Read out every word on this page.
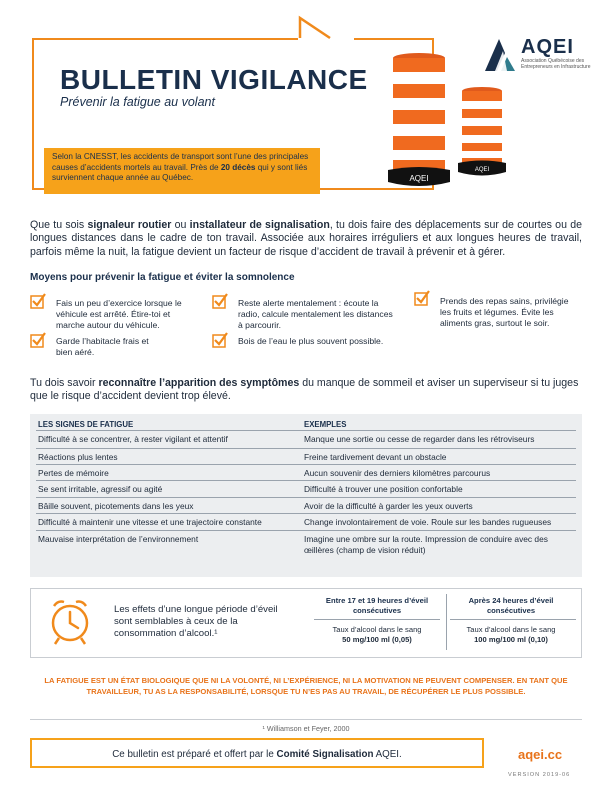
BULLETIN VIGILANCE
Prévenir la fatigue au volant
Selon la CNESST, les accidents de transport sont l’une des principales causes d’accidents mortels au travail. Près de 20 décès qui y sont liés surviennent chaque année au Québec.
AQEI
Association Québécoise des Entrepreneurs en Infrastructure
AQEI
AQEI
Que tu sois signaleur routier ou installateur de signalisation, tu dois faire des déplacements sur de courtes ou de longues distances dans le cadre de ton travail. Associée aux horaires irréguliers et aux longues heures de travail, parfois même la nuit, la fatigue devient un facteur de risque d’accident de travail à prévenir et à gérer.
Moyens pour prévenir la fatigue et éviter la somnolence
Fais un peu d’exercice lorsque le véhicule est arrêté. Étire-toi et marche autour du véhicule.
Garde l’habitacle frais et bien aéré.
Reste alerte mentalement : écoute la radio, calcule mentalement les distances à parcourir.
Bois de l’eau le plus souvent possible.
Prends des repas sains, privilégie les fruits et légumes. Évite les aliments gras, surtout le soir.
Tu dois savoir reconnaître l’apparition des symptômes du manque de sommeil et aviser un superviseur si tu juges que le risque d’accident devient trop élevé.
LES SIGNES DE FATIGUE	EXEMPLES
Difficulté à se concentrer, à rester vigilant et attentif	Manque une sortie ou cesse de regarder dans les rétroviseurs
Réactions plus lentes	Freine tardivement devant un obstacle
Pertes de mémoire	Aucun souvenir des derniers kilomètres parcourus
Se sent irritable, agressif ou agité	Difficulté à trouver une position confortable
Bâille souvent, picotements dans les yeux	Avoir de la difficulté à garder les yeux ouverts
Difficulté à maintenir une vitesse et une trajectoire constante	Change involontairement de voie. Roule sur les bandes rugueuses
Mauvaise interprétation de l’environnement	Imagine une ombre sur la route. Impression de conduire avec des œillères (champ de vision réduit)
Les effets d’une longue période d’éveil sont semblables à ceux de la consommation d’alcool.¹
Entre 17 et 19 heures d’éveil consécutives
Taux d’alcool dans le sang
50 mg/100 ml (0,05)
Après 24 heures d’éveil consécutives
Taux d’alcool dans le sang
100 mg/100 ml (0,10)
LA FATIGUE EST UN ÉTAT BIOLOGIQUE QUE NI LA VOLONTÉ, NI L’EXPÉRIENCE, NI LA MOTIVATION NE PEUVENT COMPENSER. EN TANT QUE TRAVAILLEUR, TU AS LA RESPONSABILITÉ, LORSQUE TU N’ES PAS AU TRAVAIL, DE RÉCUPÉRER LE PLUS POSSIBLE.
¹ Williamson et Feyer, 2000
Ce bulletin est préparé et offert par le Comité Signalisation AQEI.	aqei.cc
VERSION 2019-06
